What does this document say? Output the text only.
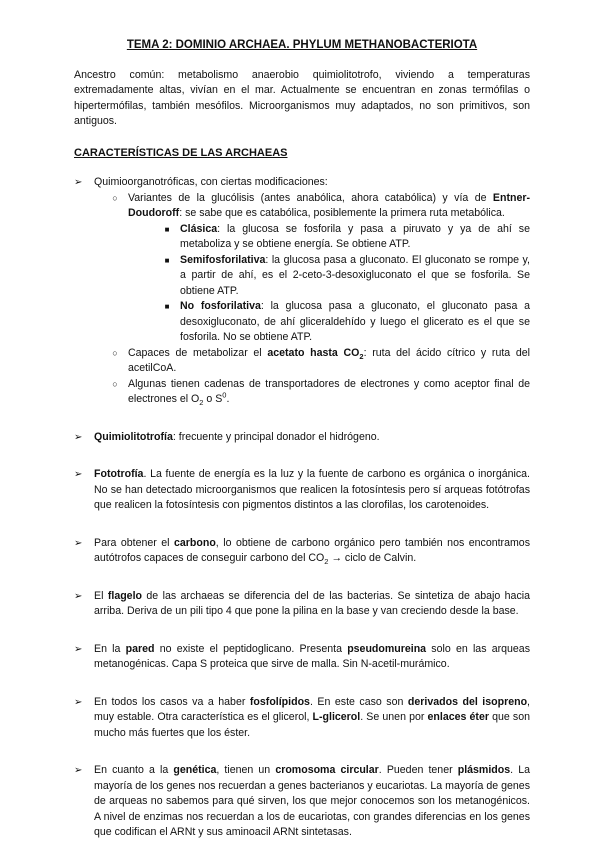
TEMA 2: DOMINIO ARCHAEA. PHYLUM METHANOBACTERIOTA
Ancestro común: metabolismo anaerobio quimiolitotrofo, viviendo a temperaturas extremadamente altas, vivían en el mar. Actualmente se encuentran en zonas termófilas o hipertermófilas, también mesófilos. Microorganismos muy adaptados, no son primitivos, son antiguos.
CARACTERÍSTICAS DE LAS ARCHAEAS
➢	Quimioorganotróficas, con ciertas modificaciones:
○ Variantes de la glucólisis (antes anabólica, ahora catabólica) y vía de Entner-Doudoroff: se sabe que es catabólica, posiblemente la primera ruta metabólica.
■ Clásica: la glucosa se fosforila y pasa a piruvato y ya de ahí se metaboliza y se obtiene energía. Se obtiene ATP.
■ Semifosforilativa: la glucosa pasa a gluconato. El gluconato se rompe y, a partir de ahí, es el 2-ceto-3-desoxigluconato el que se fosforila. Se obtiene ATP.
■ No fosforilativa: la glucosa pasa a gluconato, el gluconato pasa a desoxigluconato, de ahí gliceraldehído y luego el glicerato es el que se fosforila. No se obtiene ATP.
○ Capaces de metabolizar el acetato hasta $CO_2$: ruta del ácido cítrico y ruta del acetilCoA.
○ Algunas tienen cadenas de transportadores de electrones y como aceptor final de electrones el $O_2$ o $S^0$.
➢	Quimiolitotrofía: frecuente y principal donador el hidrógeno.
➢	Fototrofía. La fuente de energía es la luz y la fuente de carbono es orgánica o inorgánica. No se han detectado microorganismos que realicen la fotosíntesis pero sí arqueas fotótrofas que realicen la fotosíntesis con pigmentos distintos a las clorofilas, los carotenoides.
➢	Para obtener el carbono, lo obtiene de carbono orgánico pero también nos encontramos autótrofos capaces de conseguir carbono del $CO_2$ → ciclo de Calvin.
➢	El flagelo de las archaeas se diferencia del de las bacterias. Se sintetiza de abajo hacia arriba. Deriva de un pili tipo 4 que pone la pilina en la base y van creciendo desde la base.
➢	En la pared no existe el peptidoglicano. Presenta pseudomureina solo en las arqueas metanogénicas. Capa S proteica que sirve de malla. Sin N-acetil-murámico.
➢	En todos los casos va a haber fosfolípidos. En este caso son derivados del isopreno, muy estable. Otra característica es el glicerol, L-glicerol. Se unen por enlaces éter que son mucho más fuertes que los éster.
➢	En cuanto a la genética, tienen un cromosoma circular. Pueden tener plásmidos. La mayoría de los genes nos recuerdan a genes bacterianos y eucariotas. La mayoría de genes de arqueas no sabemos para qué sirven, los que mejor conocemos son los metanogénicos. A nivel de enzimas nos recuerdan a los de eucariotas, con grandes diferencias en los genes que codifican el ARNt y sus aminoacil ARNt sintetasas.
